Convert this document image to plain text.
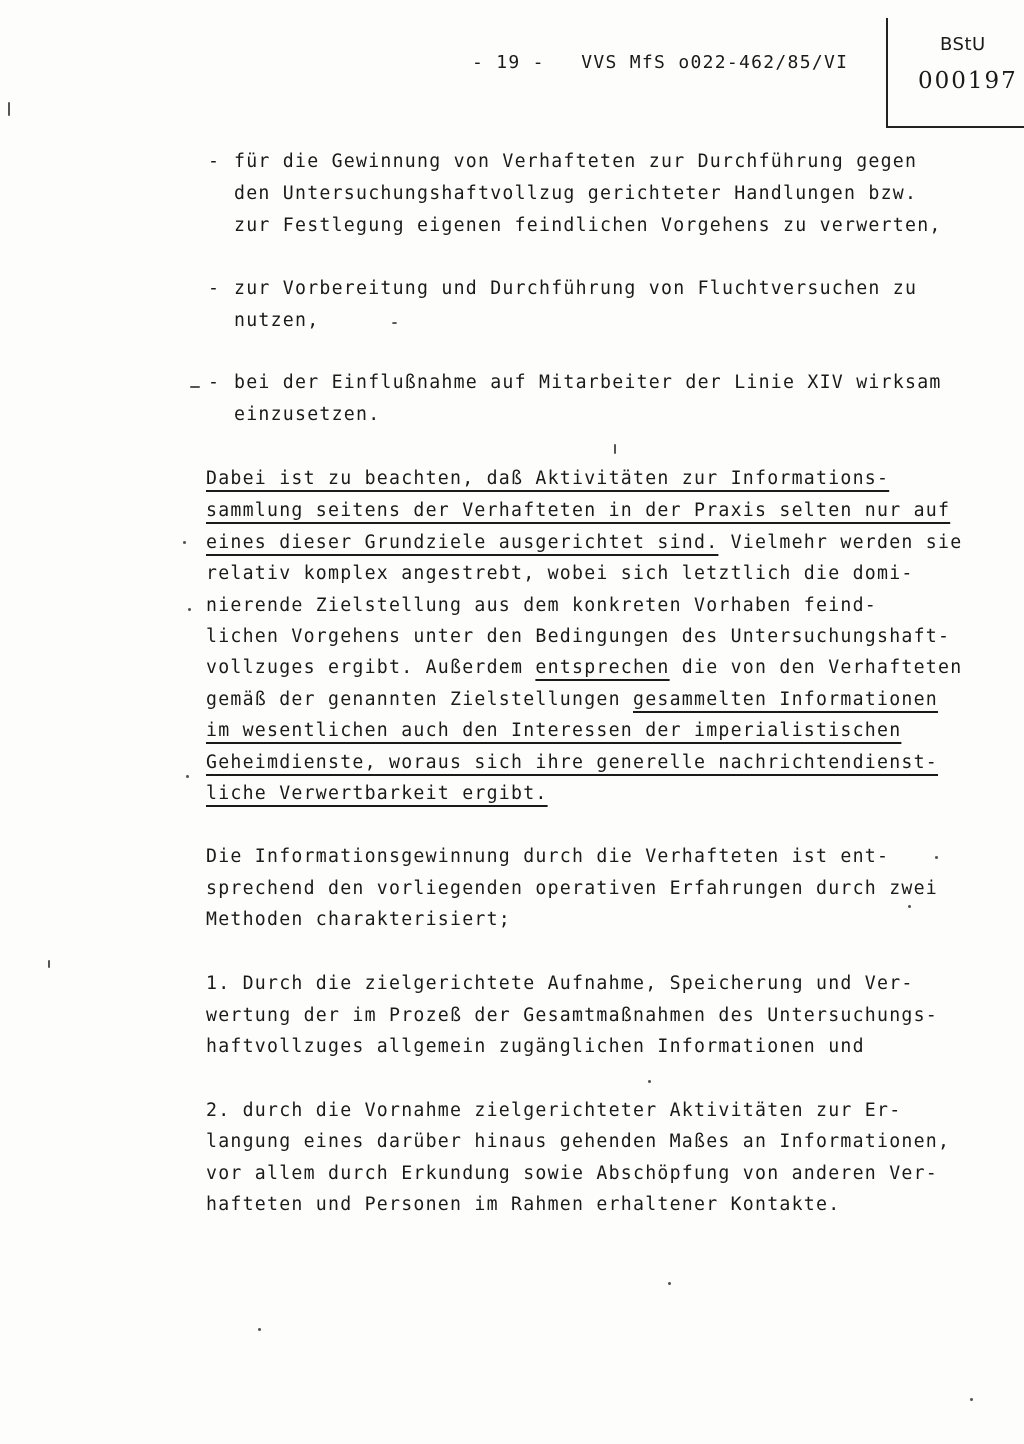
- 19 -   VVS MfS o022-462/85/VI
BStU
000197

-

für die Gewinnung von Verhafteten zur Durchführung gegen

den Untersuchungshaftvollzug gerichteter Handlungen bzw.

zur Festlegung eigenen feindlichen Vorgehens zu verwerten,

-

zur Vorbereitung und Durchführung von Fluchtversuchen zu

nutzen,

-

bei der Einflußnahme auf Mitarbeiter der Linie XIV wirksam

einzusetzen.

Dabei ist zu beachten, daß Aktivitäten zur Informations-

sammlung seitens der Verhafteten in der Praxis selten nur auf

eines dieser Grundziele ausgerichtet sind. Vielmehr werden sie

relativ komplex angestrebt, wobei sich letztlich die domi-

nierende Zielstellung aus dem konkreten Vorhaben feind-

lichen Vorgehens unter den Bedingungen des Untersuchungshaft-

vollzuges ergibt. Außerdem entsprechen die von den Verhafteten

gemäß der genannten Zielstellungen gesammelten Informationen

im wesentlichen auch den Interessen der imperialistischen

Geheimdienste, woraus sich ihre generelle nachrichtendienst-

liche Verwertbarkeit ergibt.

Die Informationsgewinnung durch die Verhafteten ist ent-

sprechend den vorliegenden operativen Erfahrungen durch zwei

Methoden charakterisiert;

1. Durch die zielgerichtete Aufnahme, Speicherung und Ver-

wertung der im Prozeß der Gesamtmaßnahmen des Untersuchungs-

haftvollzuges allgemein zugänglichen Informationen und

2. durch die Vornahme zielgerichteter Aktivitäten zur Er-

langung eines darüber hinaus gehenden Maßes an Informationen,

vor allem durch Erkundung sowie Abschöpfung von anderen Ver-

hafteten und Personen im Rahmen erhaltener Kontakte.
